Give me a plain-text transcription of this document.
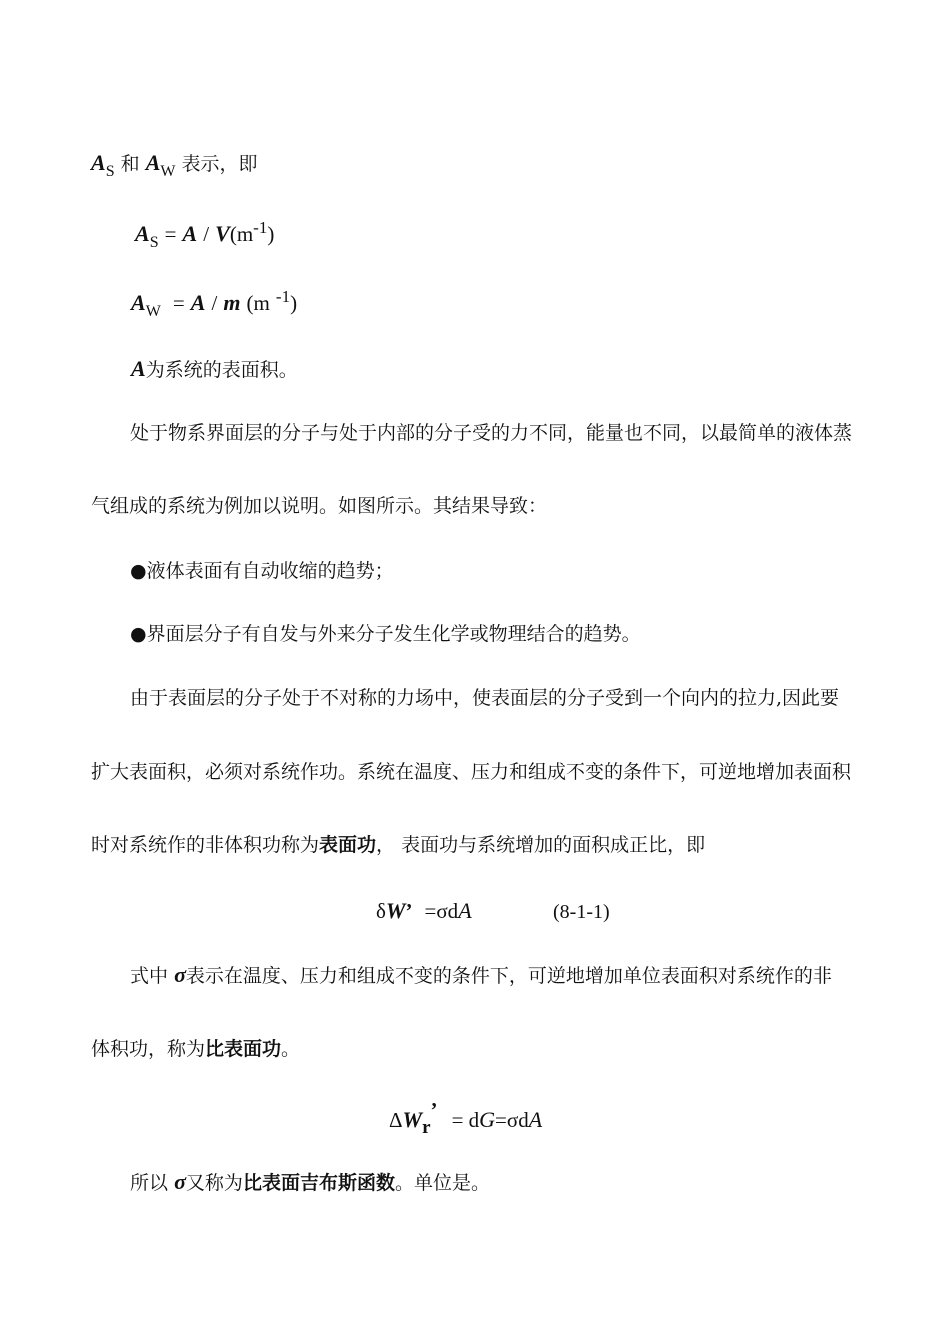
$A_S$ 和 $A_W$ 表示，即
$A_S = A / V(m-1)$
$A_W = A / m$ (m -1)
A为系统的表面积。
处于物系界面层的分子与处于内部的分子受的力不同，能量也不同，以最简单的液体蒸
气组成的系统为例加以说明。如图所示。其结果导致：
●液体表面有自动收缩的趋势；
●界面层分子有自发与外来分子发生化学或物理结合的趋势。
由于表面层的分子处于不对称的力场中，使表面层的分子受到一个向内的拉力,因此要
扩大表面积，必须对系统作功。系统在温度、压力和组成不变的条件下，可逆地增加表面积
时对系统作的非体积功称为表面功， 表面功与系统增加的面积成正比，即
δW’ =σdA	(8-1-1)
式中 σ表示在温度、压力和组成不变的条件下，可逆地增加单位表面积对系统作的非
体积功，称为比表面功。
ΔWr’ = dG=σdA
所以 σ又称为比表面吉布斯函数。单位是。
